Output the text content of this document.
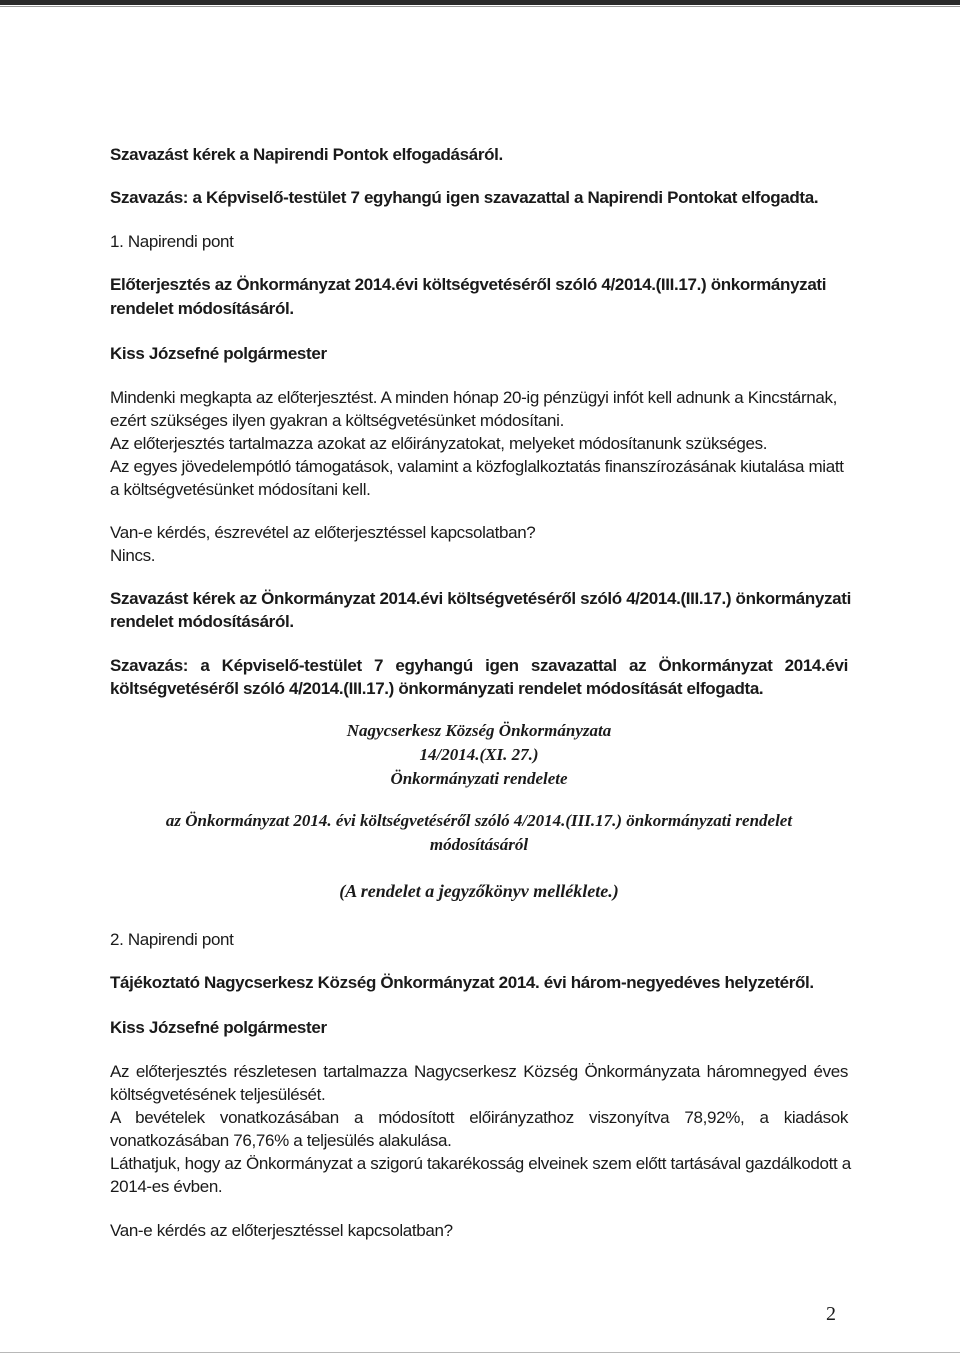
Szavazást kérek a Napirendi Pontok elfogadásáról.
Szavazás: a Képviselő-testület 7 egyhangú igen szavazattal a Napirendi Pontokat elfogadta.
1. Napirendi pont
Előterjesztés az Önkormányzat 2014.évi költségvetéséről szóló 4/2014.(III.17.) önkormányzati
rendelet módosításáról.
Kiss Józsefné polgármester
Mindenki megkapta az előterjesztést. A minden hónap 20-ig pénzügyi infót kell adnunk a Kincstárnak, ezért szükséges ilyen gyakran a költségvetésünket módosítani.
Az előterjesztés tartalmazza azokat az előirányzatokat, melyeket módosítanunk szükséges.
Az egyes jövedelempótló támogatások, valamint a közfoglalkoztatás finanszírozásának kiutalása miatt a költségvetésünket módosítani kell.
Van-e kérdés, észrevétel az előterjesztéssel kapcsolatban?
Nincs.
Szavazást kérek az Önkormányzat 2014.évi költségvetéséről szóló 4/2014.(III.17.) önkormányzati
rendelet módosításáról.
Szavazás: a Képviselő-testület 7 egyhangú igen szavazattal az Önkormányzat 2014.évi
költségvetéséről szóló 4/2014.(III.17.) önkormányzati rendelet módosítását elfogadta.
Nagycserkesz Község Önkormányzata
14/2014.(XI. 27.)
Önkormányzati rendelete
az Önkormányzat 2014. évi költségvetéséről szóló 4/2014.(III.17.) önkormányzati rendelet
módosításáról
(A rendelet a jegyzőkönyv melléklete.)
2. Napirendi pont
Tájékoztató Nagycserkesz Község Önkormányzat 2014. évi három-negyedéves helyzetéről.
Kiss Józsefné polgármester
Az előterjesztés részletesen tartalmazza Nagycserkesz Község Önkormányzata háromnegyed éves
költségvetésének teljesülését.
A bevételek vonatkozásában a módosított előirányzathoz viszonyítva 78,92%, a kiadások
vonatkozásában 76,76% a teljesülés alakulása.
Láthatjuk, hogy az Önkormányzat a szigorú takarékosság elveinek szem előtt tartásával gazdálkodott a
2014-es évben.
Van-e kérdés az előterjesztéssel kapcsolatban?
2
